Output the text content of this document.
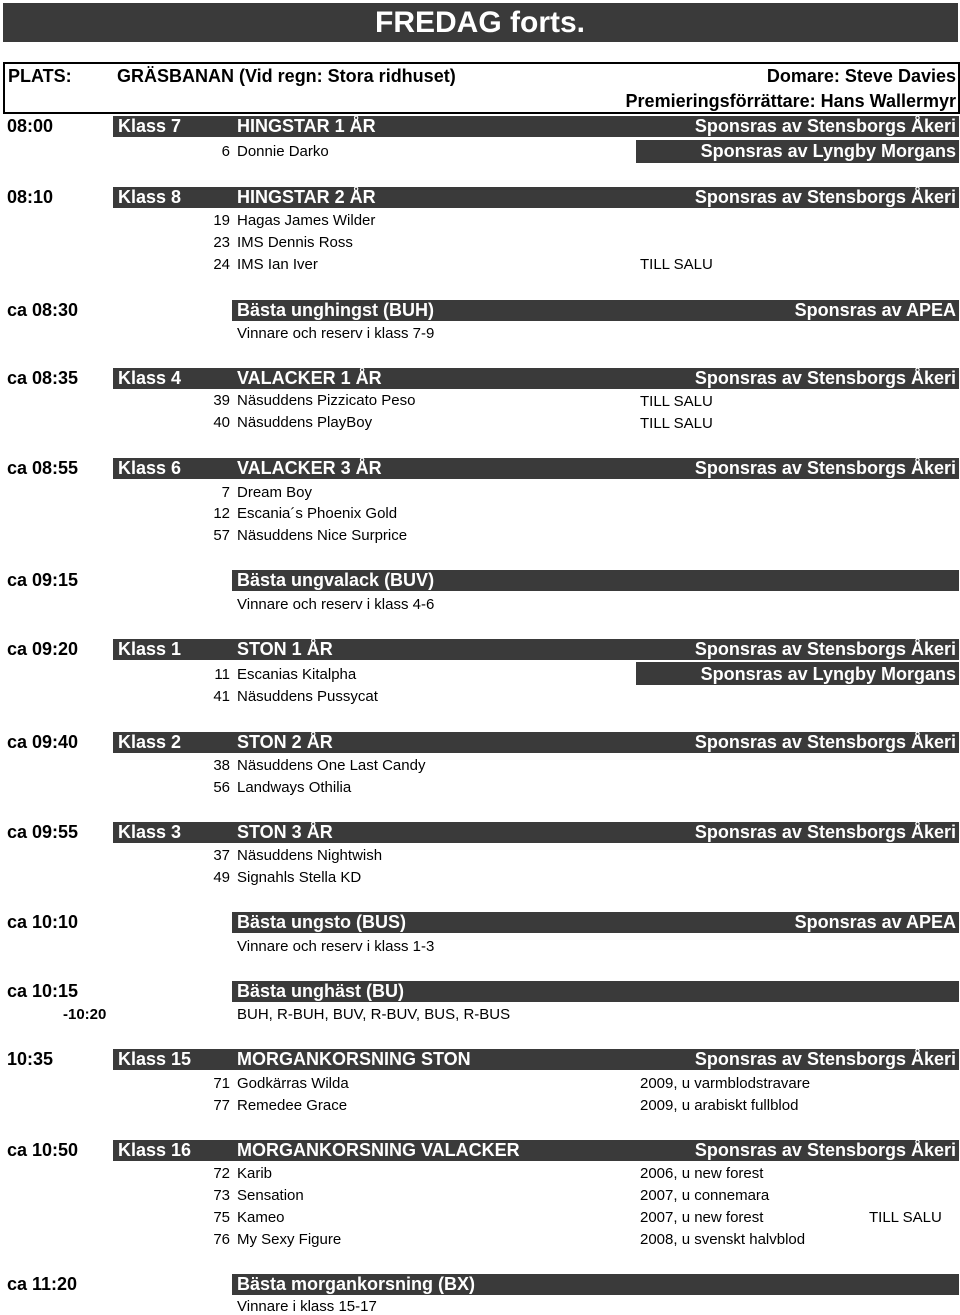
FREDAG forts.
PLATS:	GRÄSBANAN (Vid regn: Stora ridhuset)	Domare: Steve Davies
Premieringsförrättare: Hans Wallermyr
08:00	Klass 7	HINGSTAR 1 ÅR	Sponsras av Stensborgs Åkeri
Sponsras av Lyngby Morgans
6 Donnie Darko
08:10	Klass 8	HINGSTAR 2 ÅR	Sponsras av Stensborgs Åkeri
19 Hagas James Wilder
23 IMS Dennis Ross
24 IMS Ian Iver	TILL SALU
ca 08:30	Bästa unghingst (BUH)	Sponsras av APEA
Vinnare och reserv i klass 7-9
ca 08:35 Klass 4	VALACKER 1 ÅR	Sponsras av Stensborgs Åkeri
39 Näsuddens Pizzicato Peso	TILL SALU
40 Näsuddens PlayBoy	TILL SALU
ca 08:55 Klass 6	VALACKER 3 ÅR	Sponsras av Stensborgs Åkeri
7 Dream Boy
12 Escania´s Phoenix Gold
57 Näsuddens Nice Surprice
ca 09:15	Bästa ungvalack (BUV)
Vinnare och reserv i klass 4-6
ca 09:20 Klass 1	STON 1 ÅR	Sponsras av Stensborgs Åkeri
Sponsras av Lyngby Morgans
11 Escanias Kitalpha
41 Näsuddens Pussycat
ca 09:40 Klass 2	STON 2 ÅR	Sponsras av Stensborgs Åkeri
38 Näsuddens One Last Candy
56 Landways Othilia
ca 09:55 Klass 3	STON 3 ÅR	Sponsras av Stensborgs Åkeri
37 Näsuddens Nightwish
49 Signahls Stella KD
ca 10:10	Bästa ungsto (BUS)	Sponsras av APEA
Vinnare och reserv i klass 1-3
ca 10:15	Bästa unghäst (BU)
-10:20	BUH, R-BUH, BUV, R-BUV, BUS, R-BUS
10:35	Klass 15	MORGANKORSNING STON	Sponsras av Stensborgs Åkeri
71 Godkärras Wilda	2009, u varmblodstravare
77 Remedee Grace	2009, u arabiskt fullblod
ca 10:50 Klass 16	MORGANKORSNING VALACKER	Sponsras av Stensborgs Åkeri
72 Karib	2006, u new forest
73 Sensation	2007, u connemara
75 Kameo	2007, u new forest	TILL SALU
76 My Sexy Figure	2008, u svenskt halvblod
ca 11:20	Bästa morgankorsning (BX)
Vinnare i klass 15-17
